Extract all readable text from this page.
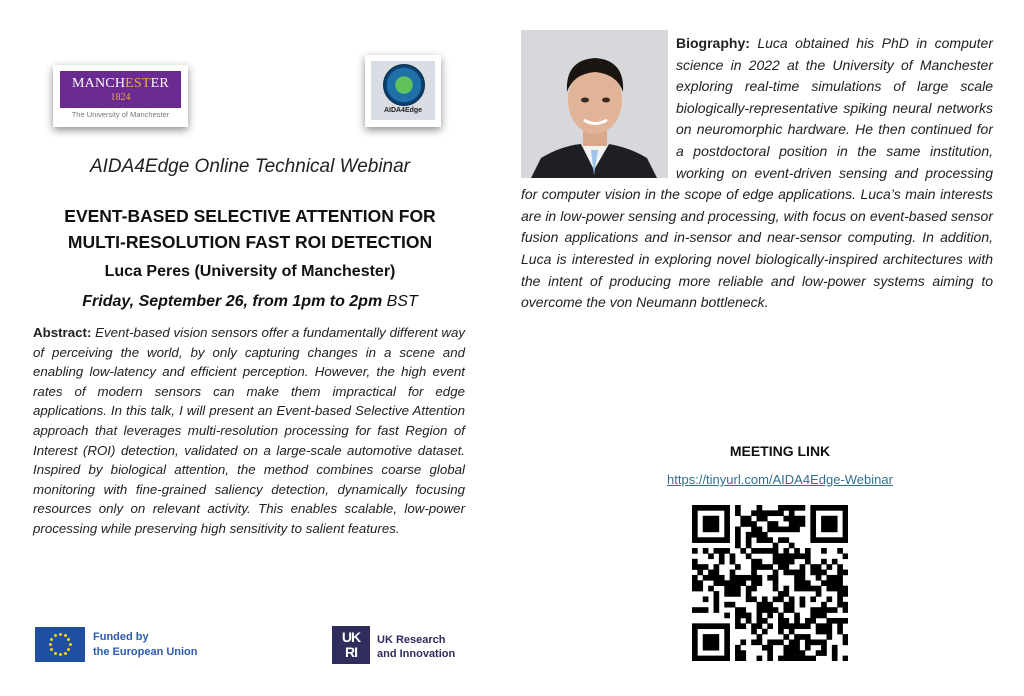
MANCHESTER
1824
The University of Manchester	AIDA4Edge
AIDA4Edge Online Technical Webinar
EVENT-BASED SELECTIVE ATTENTION FOR
MULTI-RESOLUTION FAST ROI DETECTION
Luca Peres (University of Manchester)
Friday, September 26, from 1pm to 2pm BST
Abstract: Event-based vision sensors offer a fundamentally different way of perceiving the world, by only capturing changes in a scene and enabling low-latency and efficient perception. However, the high event rates of modern sensors can make them impractical for edge applications. In this talk, I will present an Event-based Selective Attention approach that leverages multi-resolution processing for fast Region of Interest (ROI) detection, validated on a large-scale automotive dataset. Inspired by biological attention, the method combines coarse global monitoring with fine-grained saliency detection, dynamically focusing resources only on relevant activity. This enables scalable, low-power processing while preserving high sensitivity to salient features.
Funded by
the European Union
UK
RI
UK Research
and Innovation
Biography: Luca obtained his PhD in computer science in 2022 at the University of Manchester exploring real-time simulations of large scale biologically-representative spiking neural networks on neuromorphic hardware. He then continued for a postdoctoral position in the same institution, working on event-driven sensing and processing for computer vision in the scope of edge applications. Luca’s main interests are in low-power sensing and processing, with focus on event-based sensor fusion applications and in-sensor and near-sensor computing. In addition, Luca is interested in exploring novel biologically-inspired architectures with the intent of producing more reliable and low-power systems aiming to overcome the von Neumann bottleneck.
MEETING LINK
https://tinyurl.com/AIDA4Edge-Webinar
